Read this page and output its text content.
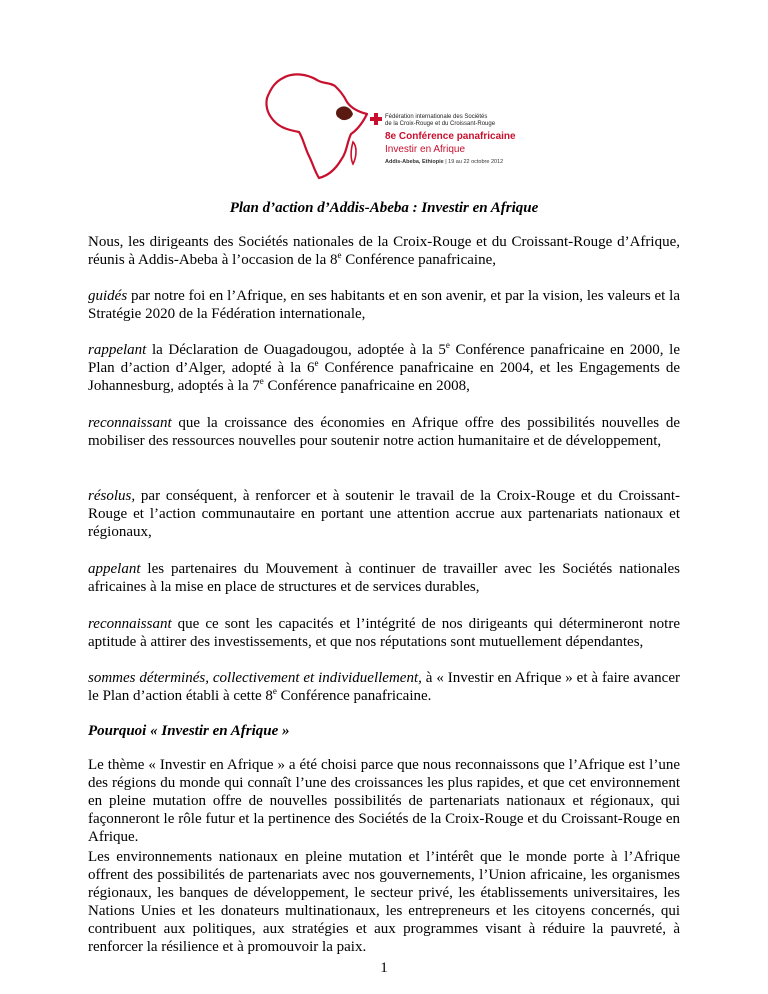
Fédération internationale des Sociétés
de la Croix-Rouge et du Croissant-Rouge
8e Conférence panafricaine
Investir en Afrique
Addis-Abeba, Ethiopie | 19 au 22 octobre 2012
Plan d’action d’Addis-Abeba : Investir en Afrique

Nous, les dirigeants des Sociétés nationales de la Croix-Rouge et du Croissant-Rouge d’Afrique, réunis à Addis-Abeba à l’occasion de la 8e Conférence panafricaine,

guidés par notre foi en l’Afrique, en ses habitants et en son avenir, et par la vision, les valeurs et la Stratégie 2020 de la Fédération internationale,

rappelant la Déclaration de Ouagadougou, adoptée à la 5e Conférence panafricaine en 2000, le Plan d’action d’Alger, adopté à la 6e Conférence panafricaine en 2004, et les Engagements de Johannesburg, adoptés à la 7e Conférence panafricaine en 2008,

reconnaissant que la croissance des économies en Afrique offre des possibilités nouvelles de mobiliser des ressources nouvelles pour soutenir notre action humanitaire et de développement,

résolus, par conséquent, à renforcer et à soutenir le travail de la Croix-Rouge et du Croissant-Rouge et l’action communautaire en portant une attention accrue aux partenariats nationaux et régionaux,

appelant les partenaires du Mouvement à continuer de travailler avec les Sociétés nationales africaines à la mise en place de structures et de services durables,

reconnaissant que ce sont les capacités et l’intégrité de nos dirigeants qui détermineront notre aptitude à attirer des investissements, et que nos réputations sont mutuellement dépendantes,

sommes déterminés, collectivement et individuellement, à « Investir en Afrique » et à faire avancer le Plan d’action établi à cette 8e Conférence panafricaine.

Pourquoi « Investir en Afrique »

Le thème « Investir en Afrique » a été choisi parce que nous reconnaissons que l’Afrique est l’une des régions du monde qui connaît l’une des croissances les plus rapides, et que cet environnement en pleine mutation offre de nouvelles possibilités de partenariats nationaux et régionaux, qui façonneront le rôle futur et la pertinence des Sociétés de la Croix-Rouge et du Croissant-Rouge en Afrique.

Les environnements nationaux en pleine mutation et l’intérêt que le monde porte à l’Afrique offrent des possibilités de partenariats avec nos gouvernements, l’Union africaine, les organismes régionaux, les banques de développement, le secteur privé, les établissements universitaires, les Nations Unies et les donateurs multinationaux, les entrepreneurs et les citoyens concernés, qui contribuent aux politiques, aux stratégies et aux programmes visant à réduire la pauvreté, à renforcer la résilience et à promouvoir la paix.

1
